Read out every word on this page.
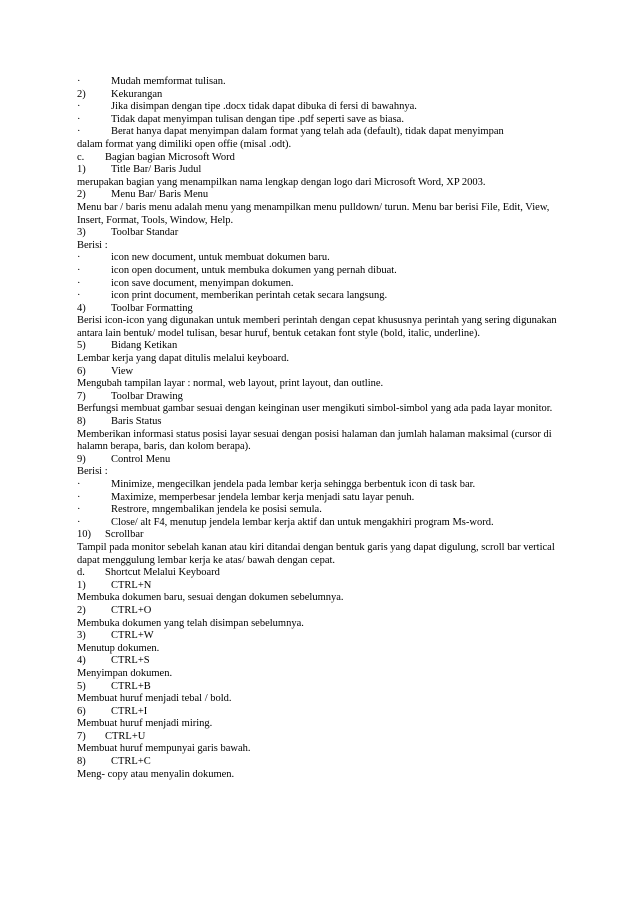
·	Mudah memformat tulisan.
2) Kekurangan
·	Jika disimpan dengan tipe .docx tidak dapat dibuka di fersi di bawahnya.
·	Tidak dapat menyimpan tulisan dengan tipe .pdf seperti save as biasa.
·	Berat hanya dapat menyimpan dalam format yang telah ada (default), tidak dapat menyimpan
dalam format yang dimiliki open offie (misal .odt).
c. Bagian bagian Microsoft Word
1) Title Bar/ Baris Judul
merupakan bagian yang menampilkan nama lengkap dengan logo dari Microsoft Word, XP 2003.
2) Menu Bar/ Baris Menu
Menu bar / baris menu adalah menu yang menampilkan menu pulldown/ turun. Menu bar berisi File, Edit, View, Insert, Format, Tools, Window, Help.
3) Toolbar Standar
Berisi :
·	icon new document, untuk membuat dokumen baru.
·	icon open document, untuk membuka dokumen yang pernah dibuat.
·	icon save document, menyimpan dokumen.
·	icon print document, memberikan perintah cetak secara langsung.
4) Toolbar Formatting
Berisi icon-icon yang digunakan untuk memberi perintah dengan cepat khususnya perintah yang sering digunakan antara lain bentuk/ model tulisan, besar huruf, bentuk cetakan font style (bold, italic, underline).
5) Bidang Ketikan
Lembar kerja yang dapat ditulis melalui keyboard.
6) View
Mengubah tampilan layar : normal, web layout, print layout, dan outline.
7) Toolbar Drawing
Berfungsi membuat gambar sesuai dengan keinginan user mengikuti simbol-simbol yang ada pada layar monitor.
8) Baris Status
Memberikan informasi status posisi layar sesuai dengan posisi halaman dan jumlah halaman maksimal (cursor di halamn berapa, baris, dan kolom berapa).
9) Control Menu
Berisi :
·	Minimize, mengecilkan jendela pada lembar kerja sehingga berbentuk icon di task bar.
·	Maximize, memperbesar jendela lembar kerja menjadi satu layar penuh.
·	Restrore, mngembalikan jendela ke posisi semula.
·	Close/ alt F4, menutup jendela lembar kerja aktif dan untuk mengakhiri program Ms-word.
10) Scrollbar
Tampil pada monitor sebelah kanan atau kiri ditandai dengan bentuk garis yang dapat digulung, scroll bar vertical dapat menggulung lembar kerja ke atas/ bawah dengan cepat.
d. Shortcut Melalui Keyboard
1) CTRL+N
Membuka dokumen baru, sesuai dengan dokumen sebelumnya.
2) CTRL+O
Membuka dokumen yang telah disimpan sebelumnya.
3) CTRL+W
Menutup dokumen.
4) CTRL+S
Menyimpan dokumen.
5) CTRL+B
Membuat huruf menjadi tebal / bold.
6) CTRL+I
Membuat huruf menjadi miring.
7) CTRL+U
Membuat huruf mempunyai garis bawah.
8) CTRL+C
Meng- copy atau menyalin dokumen.
